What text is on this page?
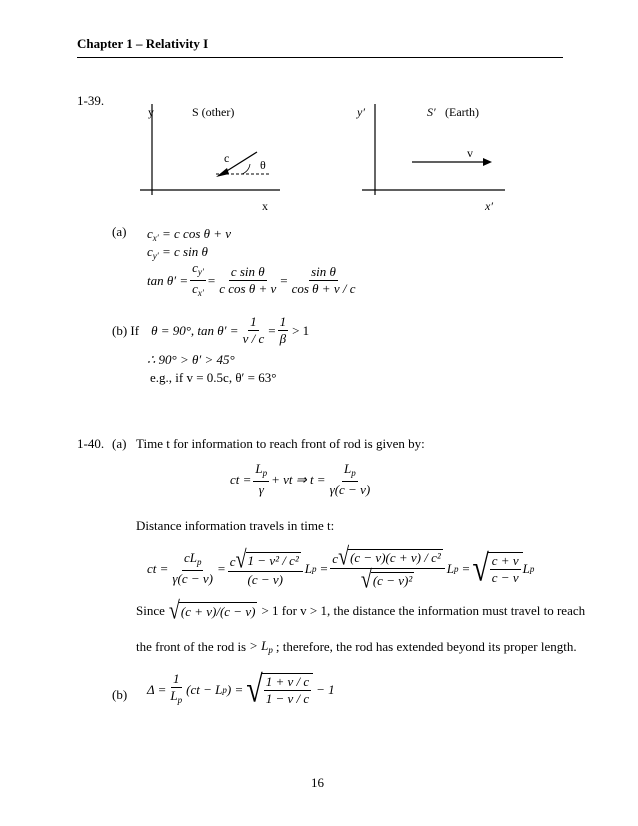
Chapter 1 – Relativity I
1-39.
y	S (other)
c	θ
x
y′	S′ (Earth)
v
x′
(a) $c_{x'} = c$ cos θ + v
$c_{y'} = c$ sin θ
$\tan \theta' = \frac{c_{y'}}{c_{x'}} = \frac{\text{c sin θ}}{\text{c cos θ + v}} = \frac{\text{sin θ}}{\text{cos θ + v / c}}$
(b) If θ = 90°, $\tan \theta' = \frac{1}{v / c} = \frac{1}{\beta} > 1$
∴ 90° > θ′ > 45°
e.g., if v = 0.5c, θ′ = 63°
1-40. (a) Time t for information to reach front of rod is given by:
ct = $\frac{L_p}{\gamma}$ + vt ⇒ $t = \frac{L_p}{\gamma(c - v)}$
Distance information travels in time t:
ct = $\frac{cL_p}{\gamma(c - v)} = \frac{\text{c √ 1 − v² / c²}}{(c - v)}$ L $p = \frac{\text{c √ (c − v)(c + v) / c²}}{\text{√ (c − v)²}}$ L p = √ $\frac{c + v}{c - v}$ L p
Since √ (c + v)/(c − v) > 1 for v > 1, the distance the information must travel to reach
the front of the rod is > $L_p$ ; therefore, the rod has extended beyond its proper length.
(b) $\Delta = \frac{1}{L_p} (ct - L$ p ) = √ $\frac{1 + v / c}{1 - v / c} - 1$
16
